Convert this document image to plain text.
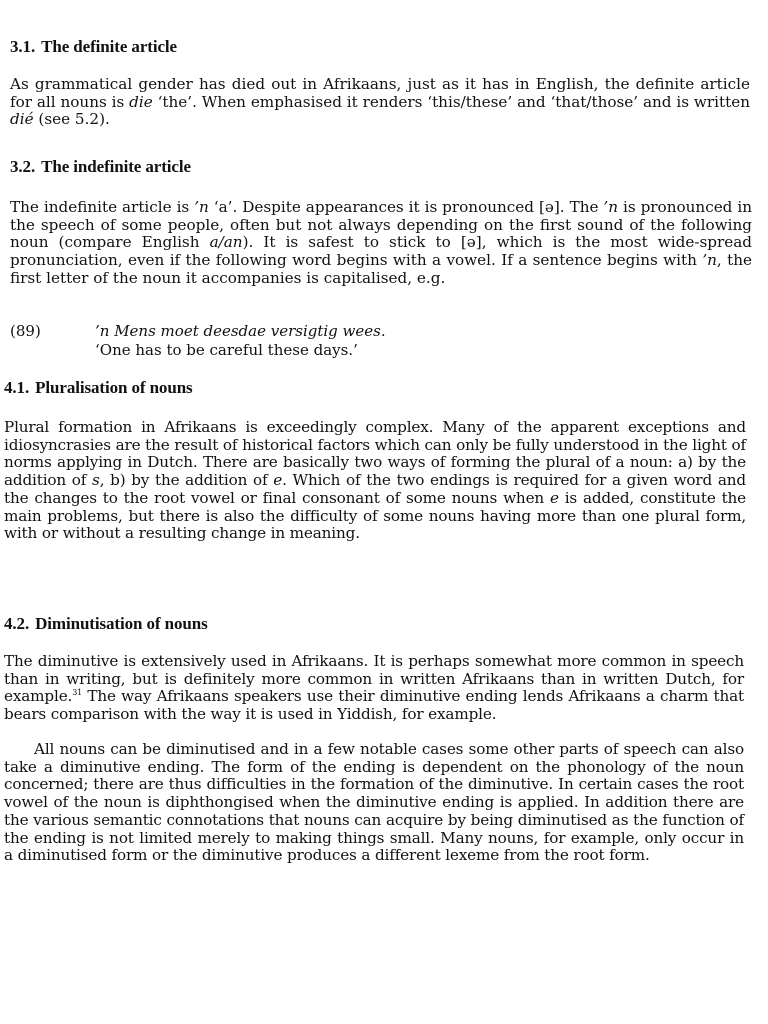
3.1. The definite article

As grammatical gender has died out in Afrikaans, just as it has in English, the definite article for all nouns is die ‘the’. When emphasised it renders ‘this/these’ and ‘that/those’ and is written dié (see 5.2).

3.2. The indefinite article

The indefinite article is ’n ‘a’. Despite appearances it is pronounced [ə]. The ’n is pronounced in the speech of some people, often but not always depending on the first sound of the following noun (compare English a/an). It is safest to stick to [ə], which is the most wide-spread pronunciation, even if the following word begins with a vowel. If a sentence begins with ’n, the first letter of the noun it accompanies is capitalised, e.g.

(89)	’n Mens moet deesdae versigtig wees.
‘One has to be careful these days.’
4.1. Pluralisation of nouns

Plural formation in Afrikaans is exceedingly complex. Many of the apparent exceptions and idiosyncrasies are the result of historical factors which can only be fully understood in the light of norms applying in Dutch. There are basically two ways of forming the plural of a noun: a) by the addition of s, b) by the addition of e. Which of the two endings is required for a given word and the changes to the root vowel or final consonant of some nouns when e is added, constitute the main problems, but there is also the difficulty of some nouns having more than one plural form, with or without a resulting change in meaning.

4.2. Diminutisation of nouns

The diminutive is extensively used in Afrikaans. It is perhaps somewhat more common in speech than in writing, but is definitely more common in written Afrikaans than in written Dutch, for example.$^{31}$ The way Afrikaans speakers use their diminutive ending lends Afrikaans a charm that bears comparison with the way it is used in Yiddish, for example.

All nouns can be diminutised and in a few notable cases some other parts of speech can also take a diminutive ending. The form of the ending is dependent on the phonology of the noun concerned; there are thus difficulties in the formation of the diminutive. In certain cases the root vowel of the noun is diphthongised when the diminutive ending is applied. In addition there are the various semantic connotations that nouns can acquire by being diminutised as the function of the ending is not limited merely to making things small. Many nouns, for example, only occur in a diminutised form or the diminutive produces a different lexeme from the root form.
